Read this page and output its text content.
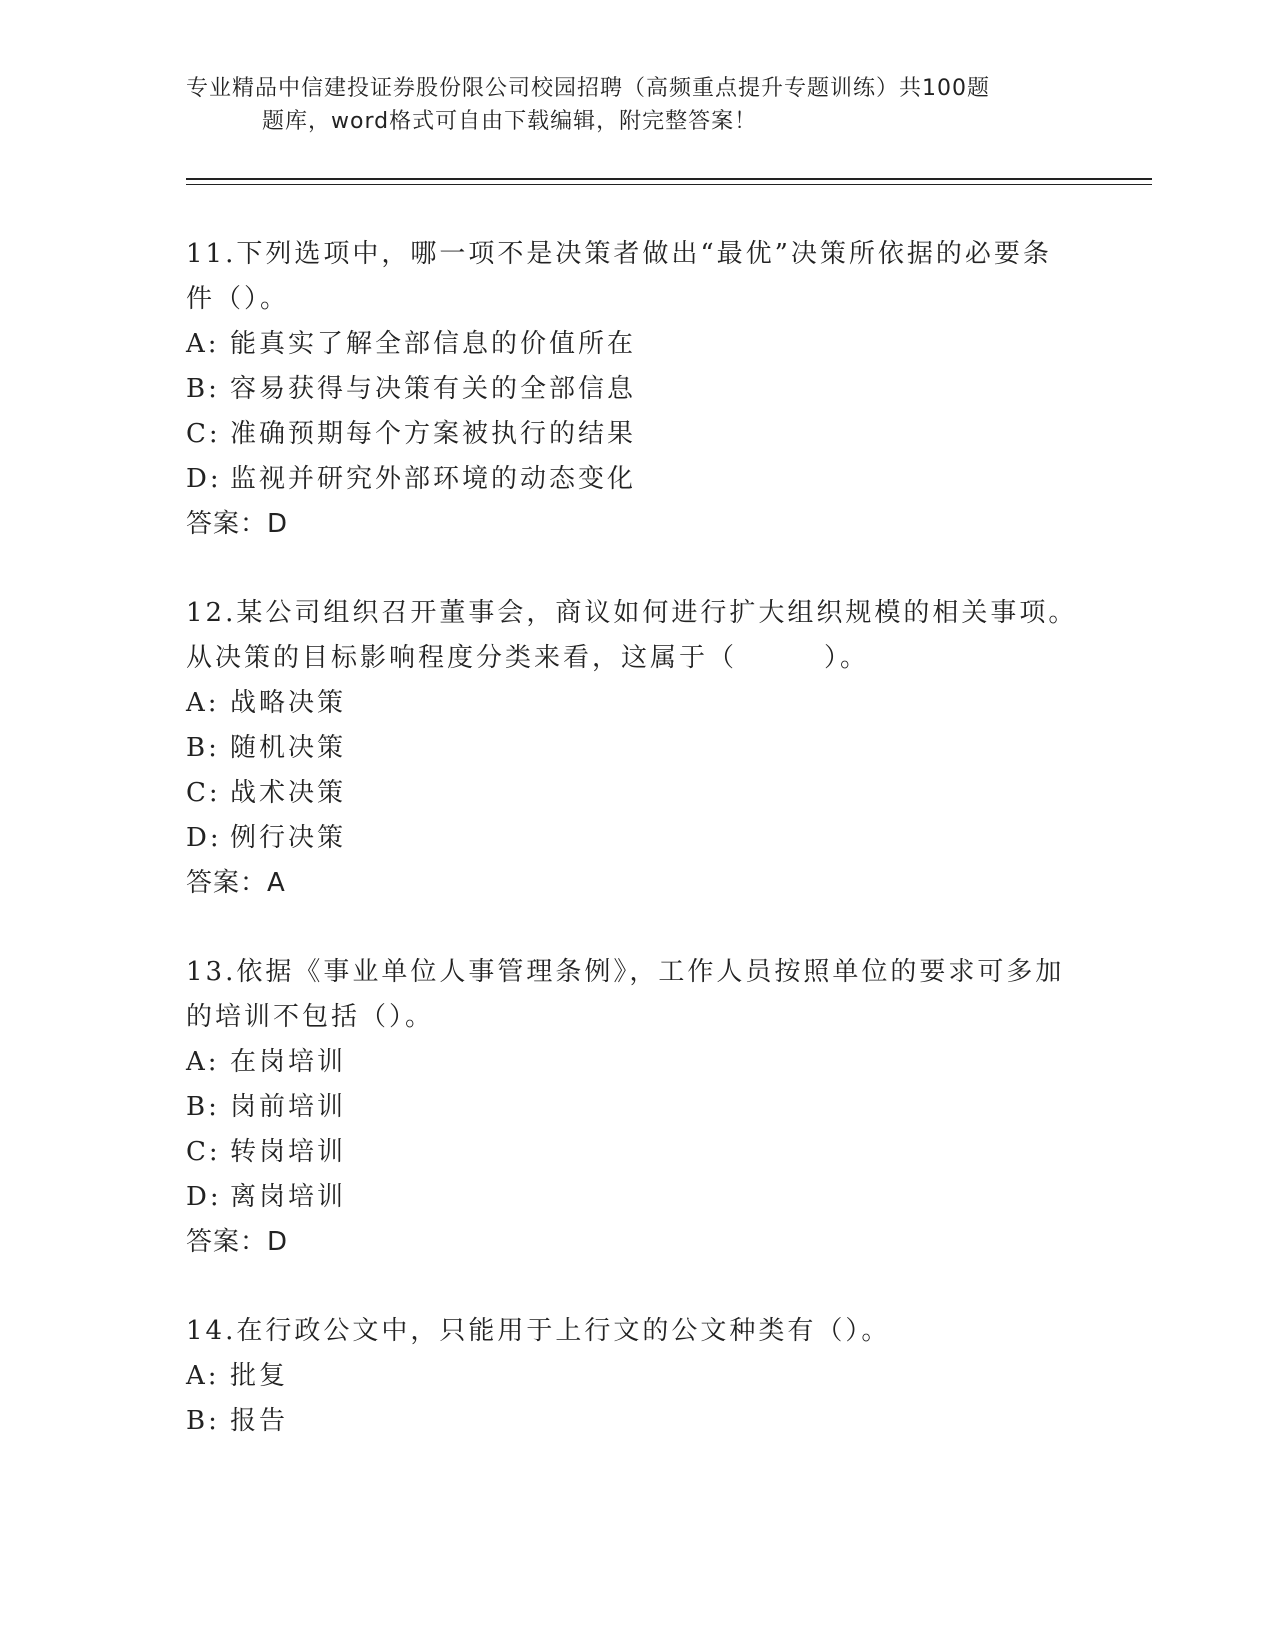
专业精品中信建投证券股份限公司校园招聘（高频重点提升专题训练）共100题
题库，word格式可自由下载编辑，附完整答案！
11.下列选项中，哪一项不是决策者做出“最优”决策所依据的必要条
件（）。
A: 能真实了解全部信息的价值所在
B: 容易获得与决策有关的全部信息
C: 准确预期每个方案被执行的结果
D: 监视并研究外部环境的动态变化
答案：D
12.某公司组织召开董事会，商议如何进行扩大组织规模的相关事项。
从决策的目标影响程度分类来看，这属于（　　　）。
A: 战略决策
B: 随机决策
C: 战术决策
D: 例行决策
答案：A
13.依据《事业单位人事管理条例》，工作人员按照单位的要求可多加
的培训不包括（）。
A: 在岗培训
B: 岗前培训
C: 转岗培训
D: 离岗培训
答案：D
14.在行政公文中，只能用于上行文的公文种类有（）。
A: 批复
B: 报告
